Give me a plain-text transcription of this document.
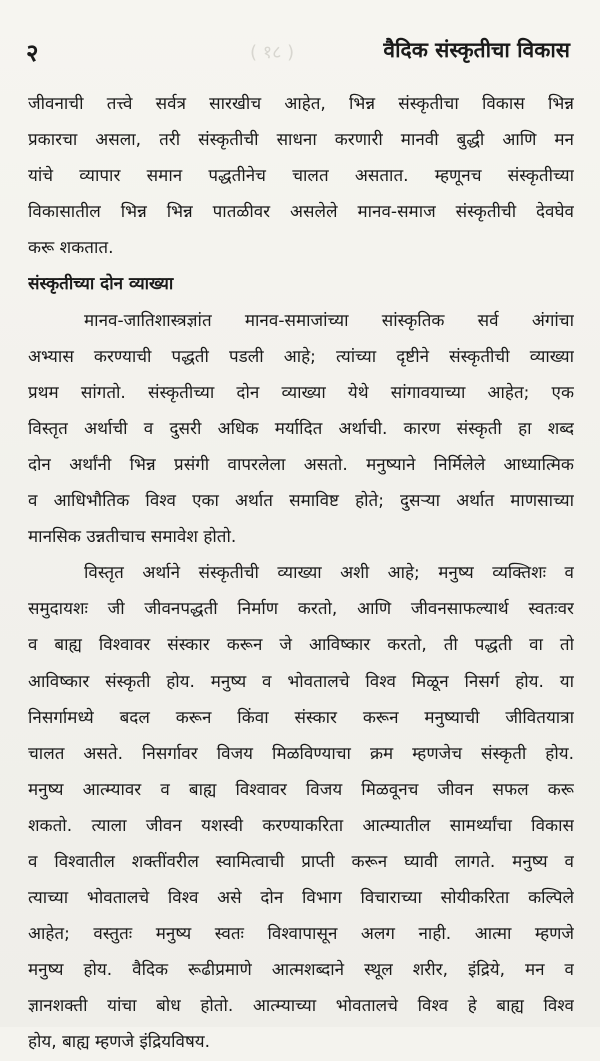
( १८ )
२	वैदिक संस्कृतीचा विकास
जीवनाची तत्त्वे सर्वत्र सारखीच आहेत, भिन्न संस्कृतीचा विकास भिन्न
प्रकारचा असला, तरी संस्कृतीची साधना करणारी मानवी बुद्धी आणि मन
यांचे व्यापार समान पद्धतीनेच चालत असतात. म्हणूनच संस्कृतीच्या
विकासातील भिन्न भिन्न पातळीवर असलेले मानव-समाज संस्कृतीची देवघेव
करू शकतात.
संस्कृतीच्या दोन व्याख्या
मानव-जातिशास्त्रज्ञांत मानव-समाजांच्या सांस्कृतिक सर्व अंगांचा
अभ्यास करण्याची पद्धती पडली आहे; त्यांच्या दृष्टीने संस्कृतीची व्याख्या
प्रथम सांगतो. संस्कृतीच्या दोन व्याख्या येथे सांगावयाच्या आहेत; एक
विस्तृत अर्थाची व दुसरी अधिक मर्यादित अर्थाची. कारण संस्कृती हा शब्द
दोन अर्थांनी भिन्न प्रसंगी वापरलेला असतो. मनुष्याने निर्मिलेले आध्यात्मिक
व आधिभौतिक विश्व एका अर्थात समाविष्ट होते; दुसऱ्या अर्थात माणसाच्या
मानसिक उन्नतीचाच समावेश होतो.
विस्तृत अर्थाने संस्कृतीची व्याख्या अशी आहे; मनुष्य व्यक्तिशः व
समुदायशः जी जीवनपद्धती निर्माण करतो, आणि जीवनसाफल्यार्थ स्वतःवर
व बाह्य विश्वावर संस्कार करून जे आविष्कार करतो, ती पद्धती वा तो
आविष्कार संस्कृती होय. मनुष्य व भोवतालचे विश्व मिळून निसर्ग होय. या
निसर्गामध्ये बदल करून किंवा संस्कार करून मनुष्याची जीवितयात्रा
चालत असते. निसर्गावर विजय मिळविण्याचा क्रम म्हणजेच संस्कृती होय.
मनुष्य आत्म्यावर व बाह्य विश्वावर विजय मिळवूनच जीवन सफल करू
शकतो. त्याला जीवन यशस्वी करण्याकरिता आत्म्यातील सामर्थ्यांचा विकास
व विश्वातील शक्तींवरील स्वामित्वाची प्राप्ती करून घ्यावी लागते. मनुष्य व
त्याच्या भोवतालचे विश्व असे दोन विभाग विचाराच्या सोयीकरिता कल्पिले
आहेत; वस्तुतः मनुष्य स्वतः विश्वापासून अलग नाही. आत्मा म्हणजे
मनुष्य होय. वैदिक रूढीप्रमाणे आत्मशब्दाने स्थूल शरीर, इंद्रिये, मन व
ज्ञानशक्ती यांचा बोध होतो. आत्म्याच्या भोवतालचे विश्व हे बाह्य विश्व
होय, बाह्य म्हणजे इंद्रियविषय.
